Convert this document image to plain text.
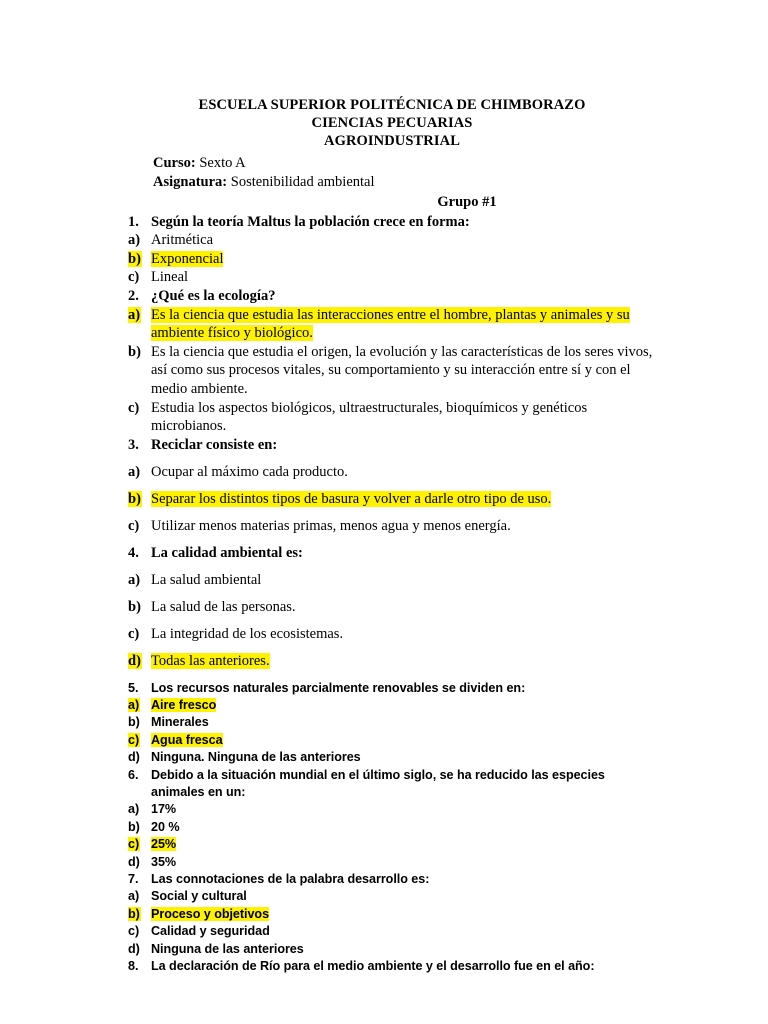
ESCUELA SUPERIOR POLITÉCNICA DE CHIMBORAZO
CIENCIAS PECUARIAS
AGROINDUSTRIAL
Curso: Sexto A
Asignatura: Sostenibilidad ambiental
Grupo #1
1. Según la teoría Maltus la población crece en forma:
a) Aritmética
b) Exponencial
c) Lineal
2. ¿Qué es la ecología?
a) Es la ciencia que estudia las interacciones entre el hombre, plantas y animales y su ambiente físico y biológico.
b) Es la ciencia que estudia el origen, la evolución y las características de los seres vivos, así como sus procesos vitales, su comportamiento y su interacción entre sí y con el medio ambiente.
c) Estudia los aspectos biológicos, ultraestructurales, bioquímicos y genéticos microbianos.
3. Reciclar consiste en:
a) Ocupar al máximo cada producto.
b) Separar los distintos tipos de basura y volver a darle otro tipo de uso.
c) Utilizar menos materias primas, menos agua y menos energía.
4. La calidad ambiental es:
a) La salud ambiental
b) La salud de las personas.
c) La integridad de los ecosistemas.
d) Todas las anteriores.
5. Los recursos naturales parcialmente renovables se dividen en:
a) Aire fresco
b) Minerales
c) Agua fresca
d) Ninguna. Ninguna de las anteriores
6. Debido a la situación mundial en el último siglo, se ha reducido las especies animales en un:
a) 17%
b) 20 %
c) 25%
d) 35%
7. Las connotaciones de la palabra desarrollo es:
a) Social y cultural
b) Proceso y objetivos
c) Calidad y seguridad
d) Ninguna de las anteriores
8. La declaración de Río para el medio ambiente y el desarrollo fue en el año:
